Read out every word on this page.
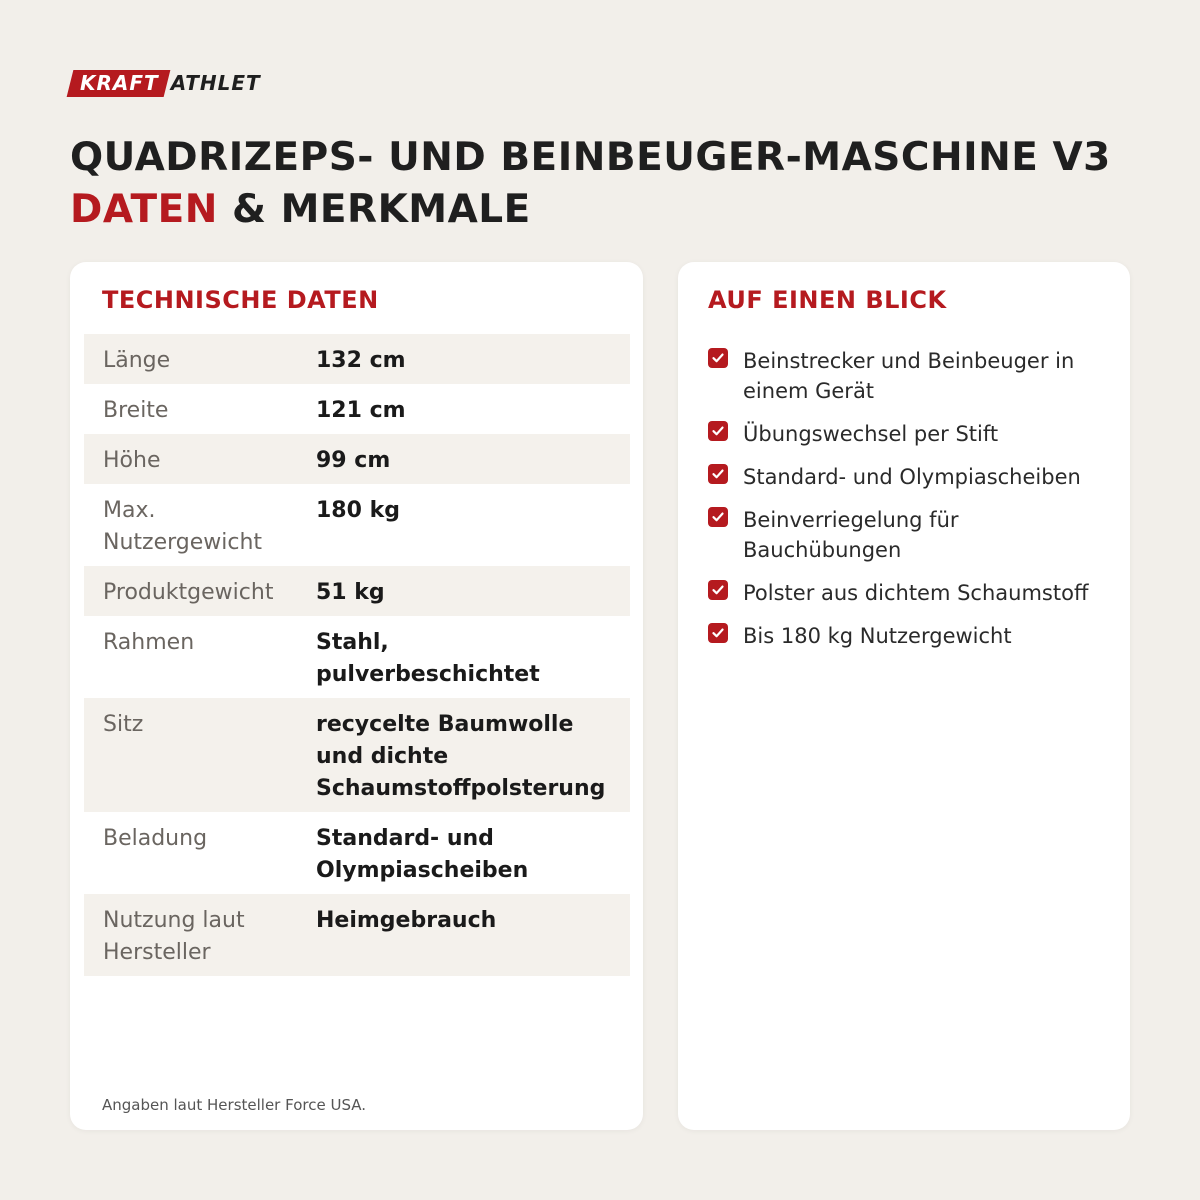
KRAFT ATHLET
QUADRIZEPS- UND BEINBEUGER-MASCHINE V3
DATEN & MERKMALE
TECHNISCHE DATEN
Länge	132 cm
Breite	121 cm
Höhe	99 cm
Max. Nutzergewicht	180 kg
Produktgewicht	51 kg
Rahmen	Stahl, pulverbeschichtet
Sitz	recycelte Baumwolle und dichte Schaumstoffpolsterung
Beladung	Standard- und Olympiascheiben
Nutzung laut Hersteller	Heimgebrauch
Angaben laut Hersteller Force USA.
AUF EINEN BLICK
Beinstrecker und Beinbeuger in einem Gerät
Übungswechsel per Stift
Standard- und Olympiascheiben
Beinverriegelung für Bauchübungen
Polster aus dichtem Schaumstoff
Bis 180 kg Nutzergewicht
